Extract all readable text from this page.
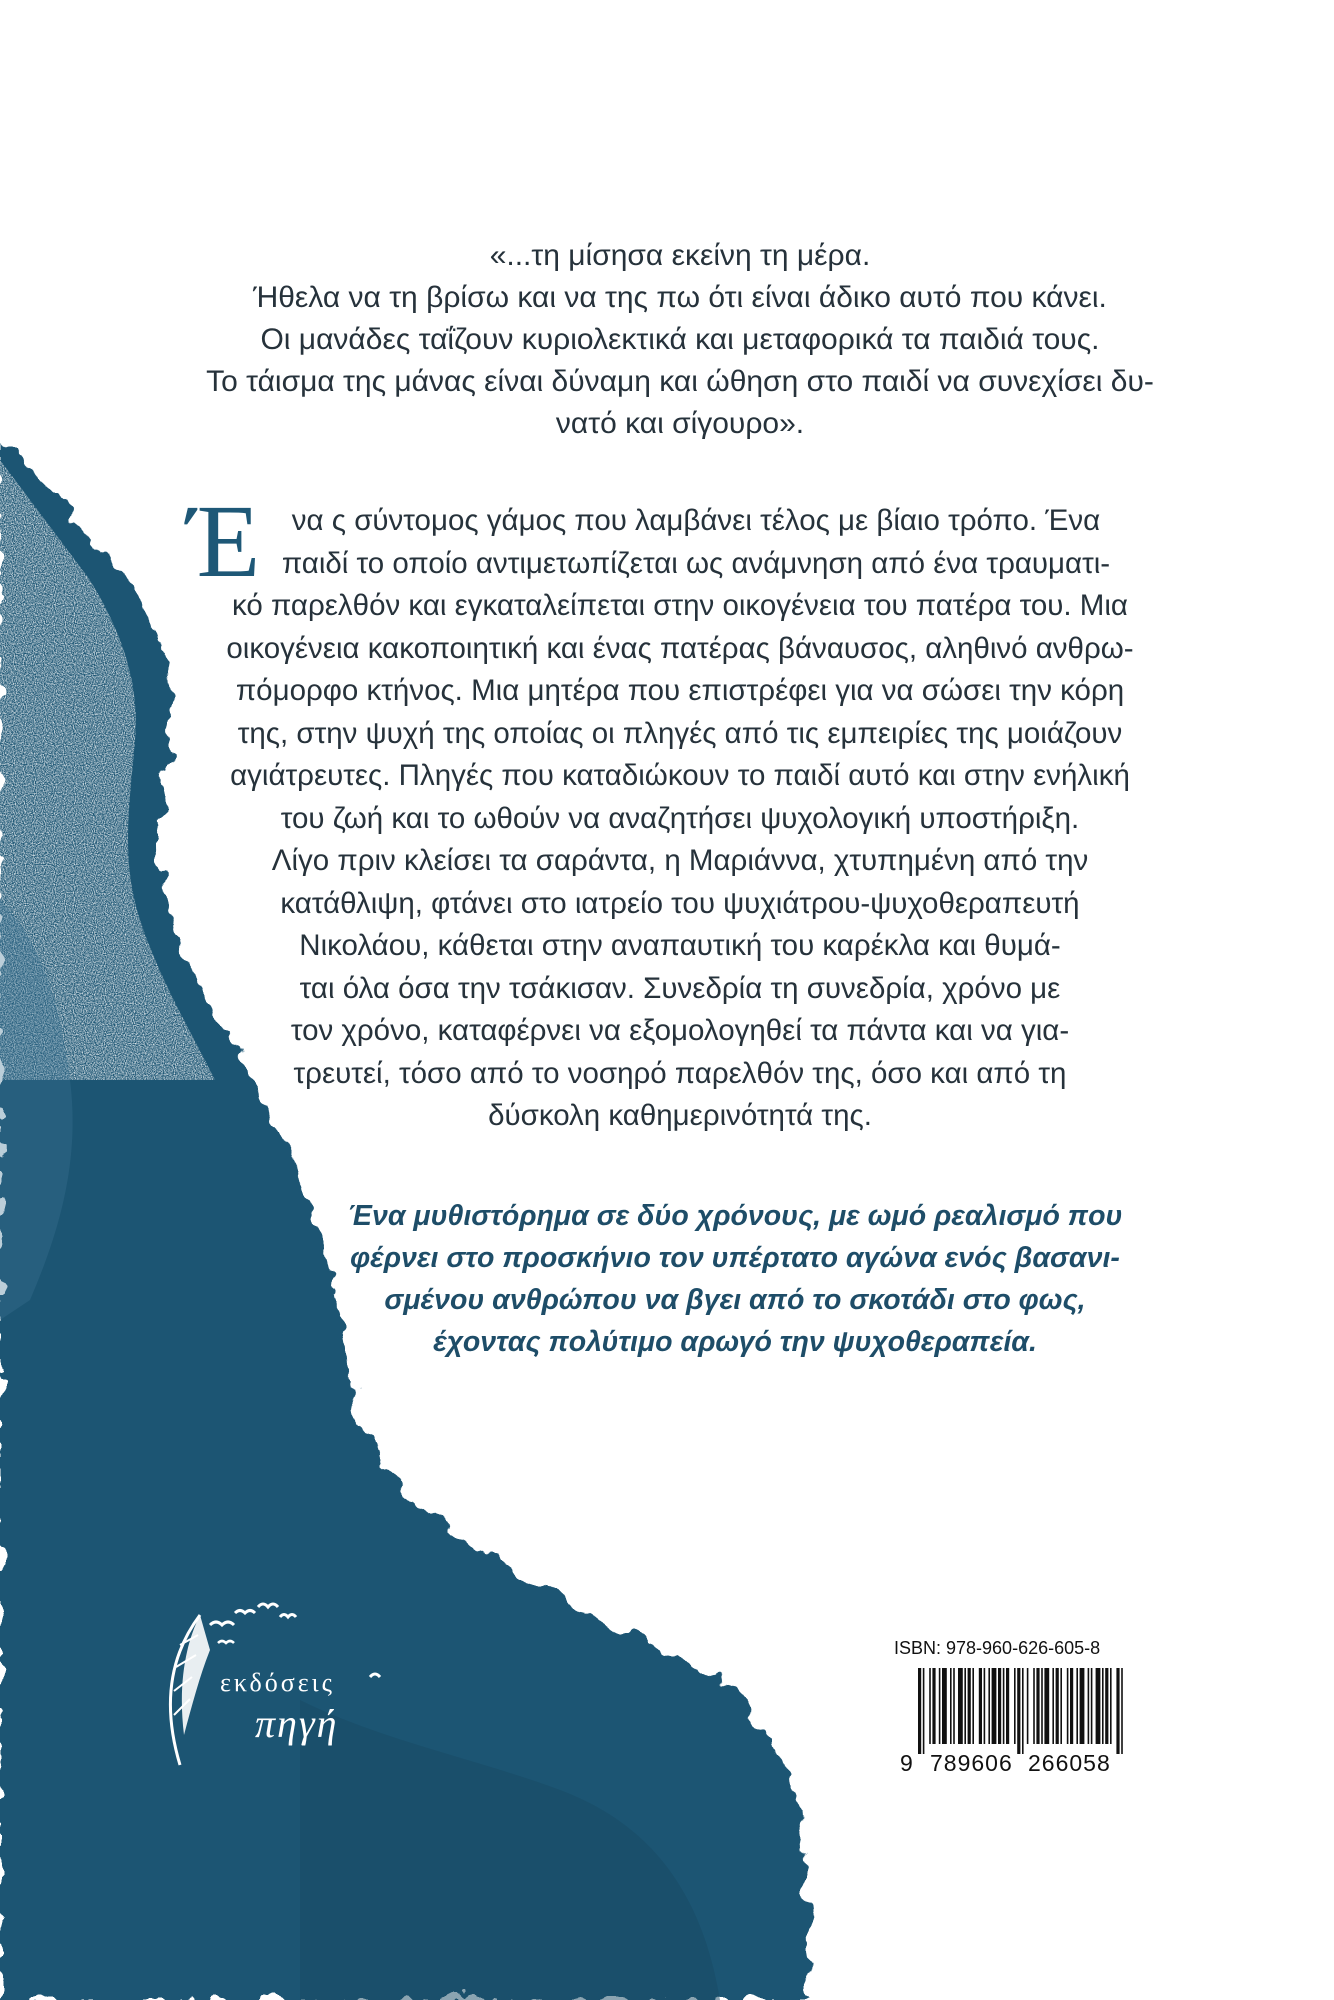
«...τη μίσησα εκείνη τη μέρα.
Ήθελα να τη βρίσω και να της πω ότι είναι άδικο αυτό που κάνει.
Οι μανάδες ταΐζουν κυριολεκτικά και μεταφορικά τα παιδιά τους.
Το τάισμα της μάνας είναι δύναμη και ώθηση στο παιδί να συνεχίσει δυ-
νατό και σίγουρο».
Έ	να ς σύντομος γάμος που λαμβάνει τέλος με βίαιο τρόπο. Ένα
παιδί το οποίο αντιμετωπίζεται ως ανάμνηση από ένα τραυματι-
κό παρελθόν και εγκαταλείπεται στην οικογένεια του πατέρα του. Μια
οικογένεια κακοποιητική και ένας πατέρας βάναυσος, αληθινό ανθρω-
πόμορφο κτήνος. Μια μητέρα που επιστρέφει για να σώσει την κόρη
της, στην ψυχή της οποίας οι πληγές από τις εμπειρίες της μοιάζουν
αγιάτρευτες. Πληγές που καταδιώκουν το παιδί αυτό και στην ενήλική
του ζωή και το ωθούν να αναζητήσει ψυχολογική υποστήριξη.
Λίγο πριν κλείσει τα σαράντα, η Μαριάννα, χτυπημένη από την
κατάθλιψη, φτάνει στο ιατρείο του ψυχιάτρου-ψυχοθεραπευτή
Νικολάου, κάθεται στην αναπαυτική του καρέκλα και θυμά-
ται όλα όσα την τσάκισαν. Συνεδρία τη συνεδρία, χρόνο με
τον χρόνο, καταφέρνει να εξομολογηθεί τα πάντα και να για-
τρευτεί, τόσο από το νοσηρό παρελθόν της, όσο και από τη
δύσκολη καθημερινότητά της.
Ένα μυθιστόρημα σε δύο χρόνους, με ωμό ρεαλισμό που
φέρνει στο προσκήνιο τον υπέρτατο αγώνα ενός βασανι-
σμένου ανθρώπου να βγει από το σκοτάδι στο φως,
έχοντας πολύτιμο αρωγό την ψυχοθεραπεία.
εκδόσεις
πηγή
ISBN: 978-960-626-605-8
9 789606 266058
